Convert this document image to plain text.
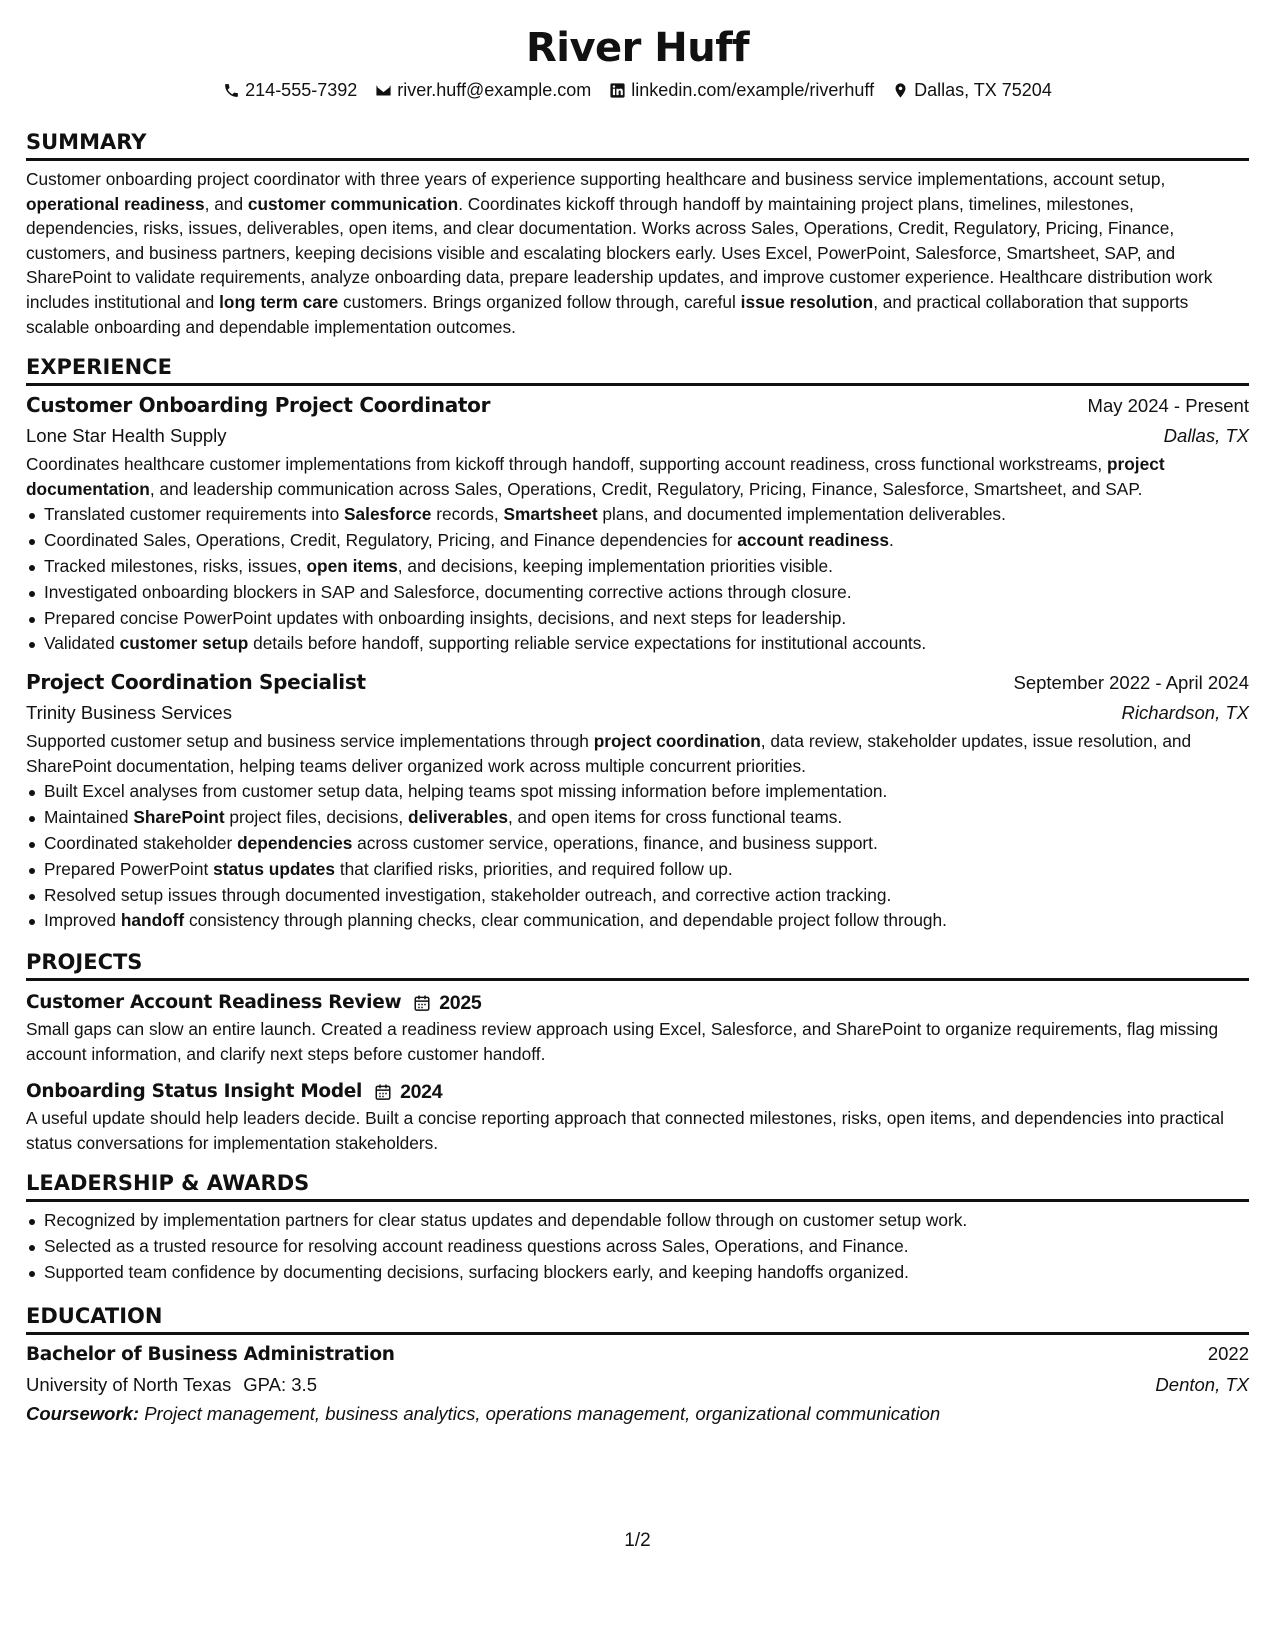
River Huff
214-555-7392 river.huff@example.com linkedin.com/example/riverhuff Dallas, TX 75204
SUMMARY

Customer onboarding project coordinator with three years of experience supporting healthcare and business service implementations, account setup, operational readiness, and customer communication. Coordinates kickoff through handoff by maintaining project plans, timelines, milestones, dependencies, risks, issues, deliverables, open items, and clear documentation. Works across Sales, Operations, Credit, Regulatory, Pricing, Finance, customers, and business partners, keeping decisions visible and escalating blockers early. Uses Excel, PowerPoint, Salesforce, Smartsheet, SAP, and SharePoint to validate requirements, analyze onboarding data, prepare leadership updates, and improve customer experience. Healthcare distribution work includes institutional and long term care customers. Brings organized follow through, careful issue resolution, and practical collaboration that supports scalable onboarding and dependable implementation outcomes.

EXPERIENCE
Customer Onboarding Project Coordinator	May 2024 - Present
Lone Star Health Supply	Dallas, TX

Coordinates healthcare customer implementations from kickoff through handoff, supporting account readiness, cross functional workstreams, project documentation, and leadership communication across Sales, Operations, Credit, Regulatory, Pricing, Finance, Salesforce, Smartsheet, and SAP.

Translated customer requirements into Salesforce records, Smartsheet plans, and documented implementation deliverables.
Coordinated Sales, Operations, Credit, Regulatory, Pricing, and Finance dependencies for account readiness.
Tracked milestones, risks, issues, open items, and decisions, keeping implementation priorities visible.
Investigated onboarding blockers in SAP and Salesforce, documenting corrective actions through closure.
Prepared concise PowerPoint updates with onboarding insights, decisions, and next steps for leadership.
Validated customer setup details before handoff, supporting reliable service expectations for institutional accounts.
Project Coordination Specialist	September 2022 - April 2024
Trinity Business Services	Richardson, TX

Supported customer setup and business service implementations through project coordination, data review, stakeholder updates, issue resolution, and SharePoint documentation, helping teams deliver organized work across multiple concurrent priorities.

Built Excel analyses from customer setup data, helping teams spot missing information before implementation.
Maintained SharePoint project files, decisions, deliverables, and open items for cross functional teams.
Coordinated stakeholder dependencies across customer service, operations, finance, and business support.
Prepared PowerPoint status updates that clarified risks, priorities, and required follow up.
Resolved setup issues through documented investigation, stakeholder outreach, and corrective action tracking.
Improved handoff consistency through planning checks, clear communication, and dependable project follow through.
PROJECTS
Customer Account Readiness Review 2025

Small gaps can slow an entire launch. Created a readiness review approach using Excel, Salesforce, and SharePoint to organize requirements, flag missing account information, and clarify next steps before customer handoff.

Onboarding Status Insight Model 2024

A useful update should help leaders decide. Built a concise reporting approach that connected milestones, risks, open items, and dependencies into practical status conversations for implementation stakeholders.

LEADERSHIP & AWARDS
Recognized by implementation partners for clear status updates and dependable follow through on customer setup work.
Selected as a trusted resource for resolving account readiness questions across Sales, Operations, and Finance.
Supported team confidence by documenting decisions, surfacing blockers early, and keeping handoffs organized.
EDUCATION
Bachelor of Business Administration	2022
University of North Texas GPA: 3.5	Denton, TX
Coursework: Project management, business analytics, operations management, organizational communication
1/2
